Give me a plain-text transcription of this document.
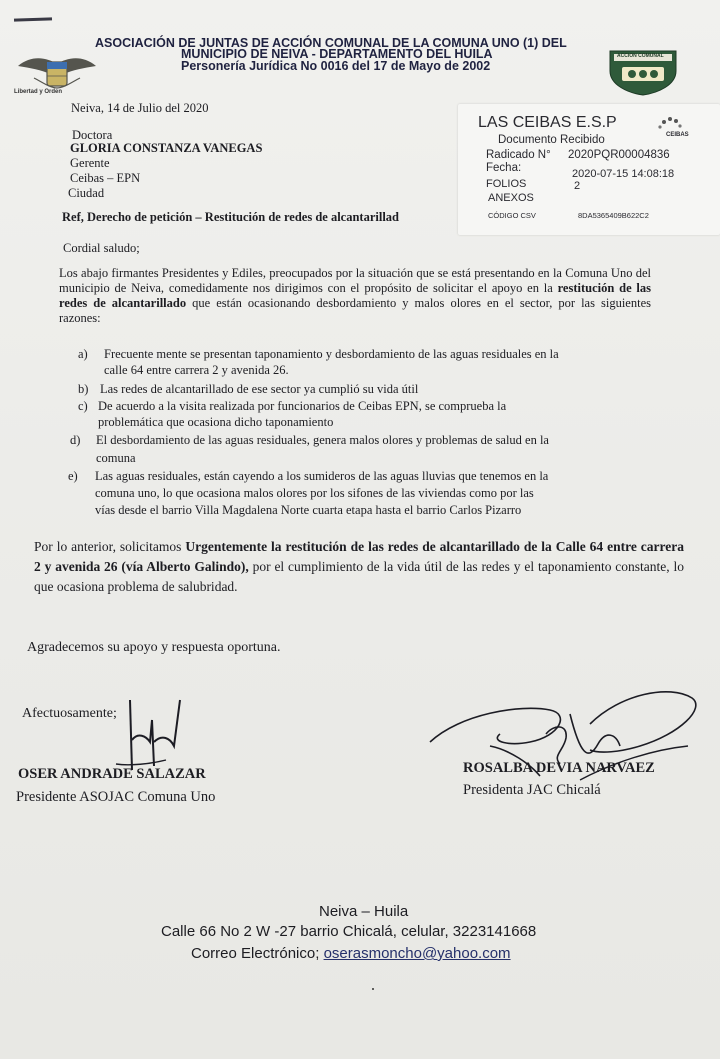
Libertad y Orden
ASOCIACIÓN DE JUNTAS DE ACCIÓN COMUNAL DE LA COMUNA UNO (1) DEL
MUNICIPIO DE NEIVA - DEPARTAMENTO DEL HUILA
Personería Jurídica No 0016 del 17 de Mayo de 2002
ACCION COMUNAL
Neiva, 14 de Julio del 2020
Doctora
GLORIA CONSTANZA VANEGAS
Gerente
Ceibas – EPN
Ciudad
LAS CEIBAS E.S.P
CEIBAS
Documento Recibido
Radicado N° 2020PQR00004836
Fecha:	2020-07-15 14:08:18
FOLIOS	2
ANEXOS
CÓDIGO CSV	8DA5365409B622C2
Ref, Derecho de petición – Restitución de redes de alcantarillad
Cordial saludo;
Los abajo firmantes Presidentes y Ediles, preocupados por la situación que se está presentando en la Comuna Uno del municipio de Neiva, comedidamente nos dirigimos con el propósito de solicitar el apoyo en la restitución de las redes de alcantarillado que están ocasionando desbordamiento y malos olores en el sector, por las siguientes razones:
a) Frecuente mente se presentan taponamiento y desbordamiento de las aguas residuales en la
calle 64 entre carrera 2 y avenida 26.
b) Las redes de alcantarillado de ese sector ya cumplió su vida útil
c) De acuerdo a la visita realizada por funcionarios de Ceibas EPN, se comprueba la
problemática que ocasiona dicho taponamiento
d) El desbordamiento de las aguas residuales, genera malos olores y problemas de salud en la
comuna
e) Las aguas residuales, están cayendo a los sumideros de las aguas lluvias que tenemos en la
comuna uno, lo que ocasiona malos olores por los sifones de las viviendas como por las
vías desde el barrio Villa Magdalena Norte cuarta etapa hasta el barrio Carlos Pizarro
Por lo anterior, solicitamos Urgentemente la restitución de las redes de alcantarillado de la Calle 64 entre carrera 2 y avenida 26 (vía Alberto Galindo), por el cumplimiento de la vida útil de las redes y el taponamiento constante, lo que ocasiona problema de salubridad.
Agradecemos su apoyo y respuesta oportuna.
Afectuosamente;
OSER ANDRADE SALAZAR
Presidente ASOJAC Comuna Uno
ROSALBA DEVIA NARVAEZ
Presidenta JAC Chicalá
Neiva – Huila
Calle 66 No 2 W -27 barrio Chicalá, celular, 3223141668
Correo Electrónico; oserasmoncho@yahoo.com
